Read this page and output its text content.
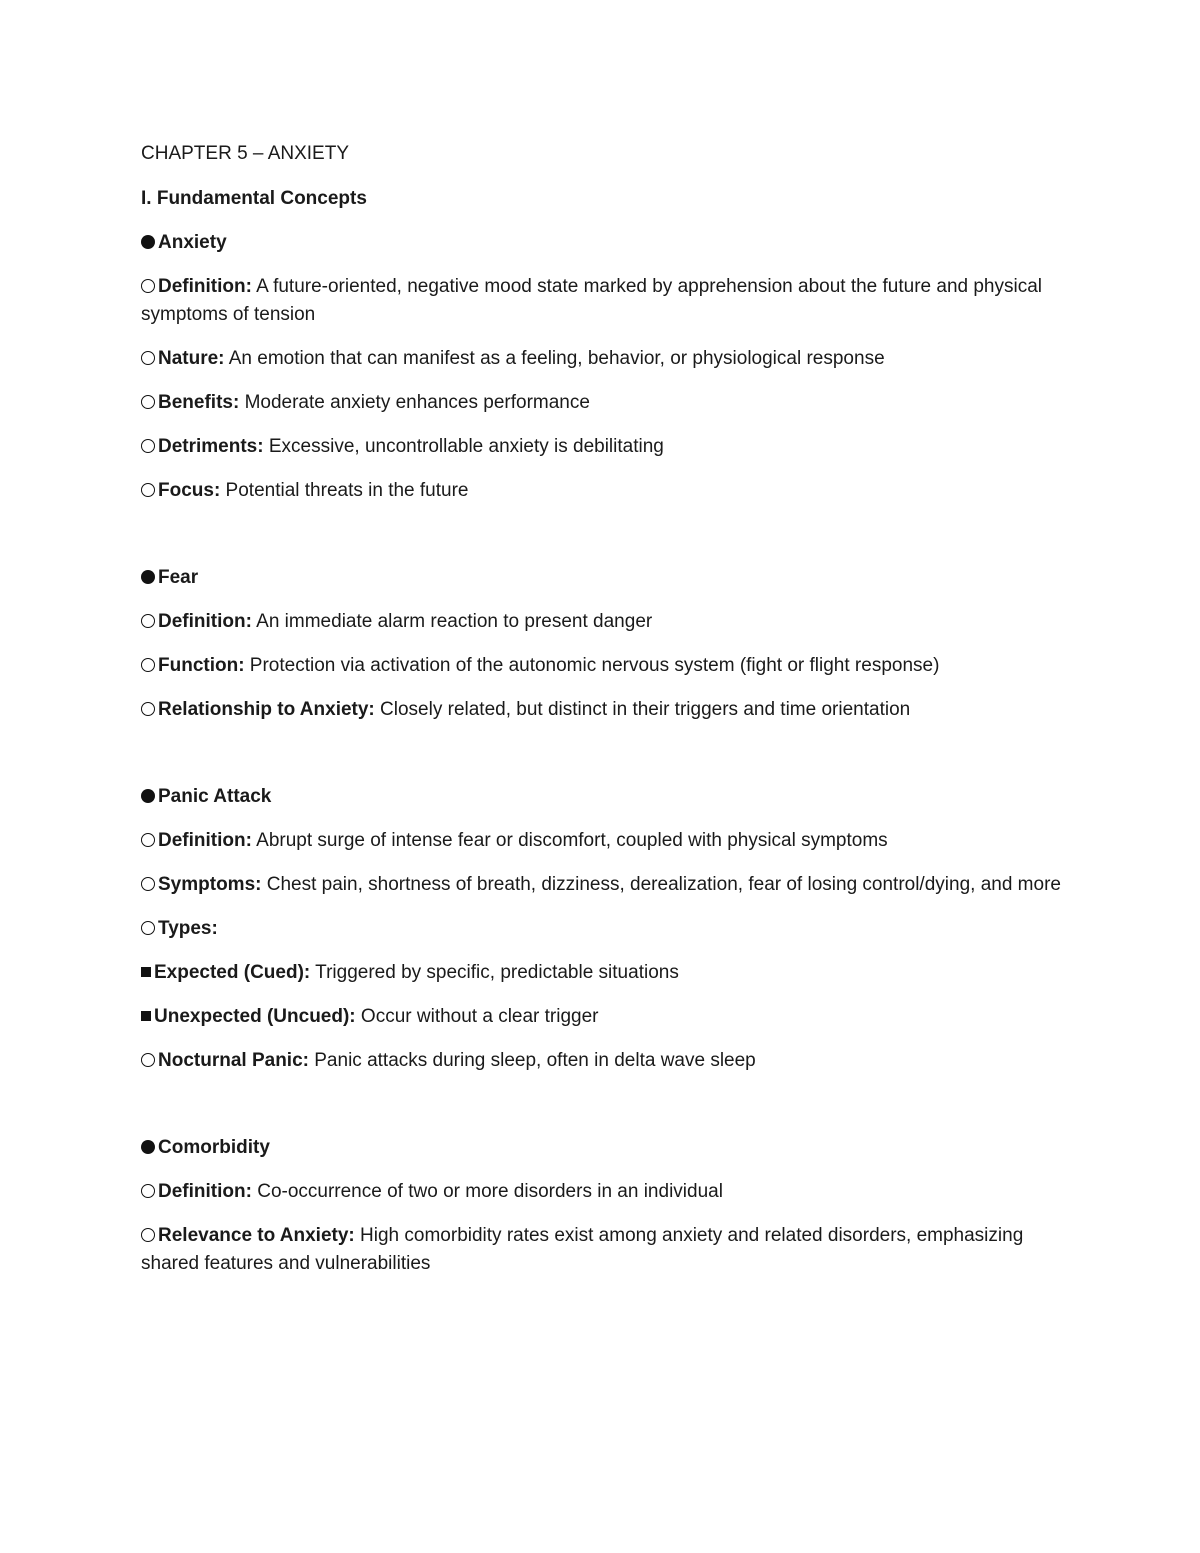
CHAPTER 5 – ANXIETY

I. Fundamental Concepts

Anxiety

Definition: A future-oriented, negative mood state marked by apprehension about the future and physical symptoms of tension

Nature: An emotion that can manifest as a feeling, behavior, or physiological response

Benefits: Moderate anxiety enhances performance

Detriments: Excessive, uncontrollable anxiety is debilitating

Focus: Potential threats in the future

Fear

Definition: An immediate alarm reaction to present danger

Function: Protection via activation of the autonomic nervous system (fight or flight response)

Relationship to Anxiety: Closely related, but distinct in their triggers and time orientation

Panic Attack

Definition: Abrupt surge of intense fear or discomfort, coupled with physical symptoms

Symptoms: Chest pain, shortness of breath, dizziness, derealization, fear of losing control/dying, and more

Types:

Expected (Cued): Triggered by specific, predictable situations

Unexpected (Uncued): Occur without a clear trigger

Nocturnal Panic: Panic attacks during sleep, often in delta wave sleep

Comorbidity

Definition: Co-occurrence of two or more disorders in an individual

Relevance to Anxiety: High comorbidity rates exist among anxiety and related disorders, emphasizing shared features and vulnerabilities
